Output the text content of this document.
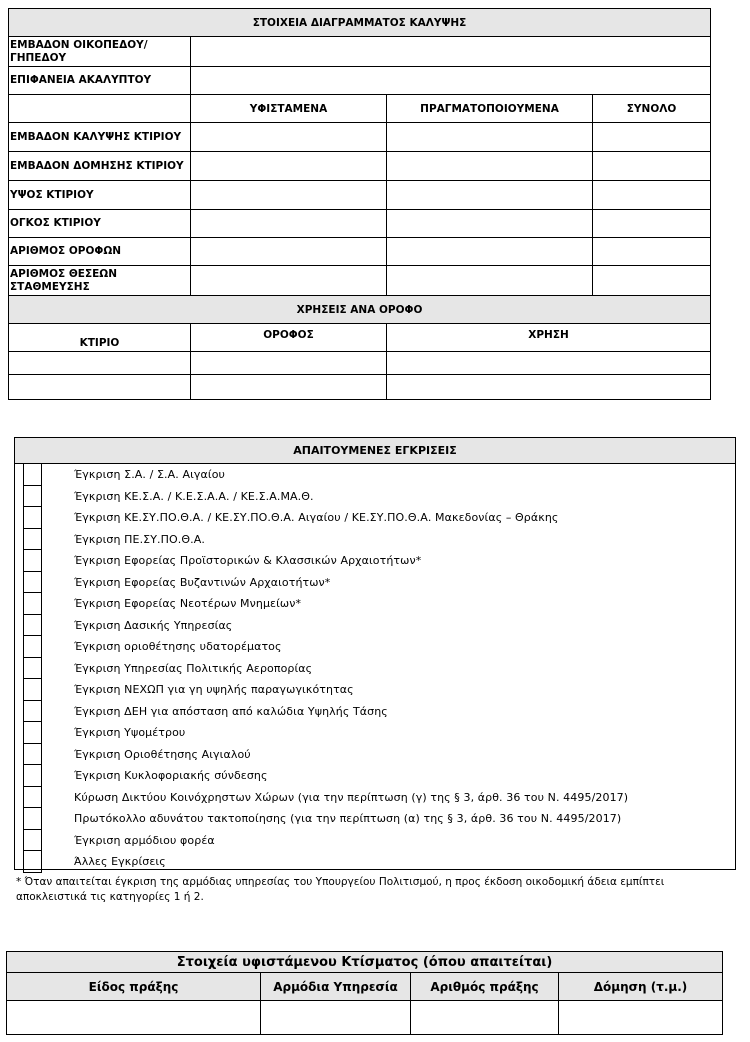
ΣΤΟΙΧΕΙΑ ΔΙΑΓΡΑΜΜΑΤΟΣ ΚΑΛΥΨΗΣ			
ΕΜΒΑΔΟΝ ΟΙΚΟΠΕΔΟΥ/ ΓΗΠΕΔΟΥ			
ΕΠΙΦΑΝΕΙΑ ΑΚΑΛΥΠΤΟΥ			
	ΥΦΙΣΤΑΜΕΝΑ	ΠΡΑΓΜΑΤΟΠΟΙΟΥΜΕΝΑ	ΣΥΝΟΛΟ
ΕΜΒΑΔΟΝ ΚΑΛΥΨΗΣ ΚΤΙΡΙΟΥ			
ΕΜΒΑΔΟΝ ΔΟΜΗΣΗΣ ΚΤΙΡΙΟΥ			
ΥΨΟΣ ΚΤΙΡΙΟΥ			
ΟΓΚΟΣ ΚΤΙΡΙΟΥ			
ΑΡΙΘΜΟΣ ΟΡΟΦΩΝ			
ΑΡΙΘΜΟΣ ΘΕΣΕΩΝ ΣΤΑΘΜΕΥΣΗΣ			
ΧΡΗΣΕΙΣ ΑΝΑ ΟΡΟΦΟ			
ΚΤΙΡΙΟ	ΟΡΟΦΟΣ	ΧΡΗΣΗ	

ΑΠΑΙΤΟΥΜΕΝΕΣ ΕΓΚΡΙΣΕΙΣ
Έγκριση Σ.Α. / Σ.Α. Αιγαίου
Έγκριση ΚΕ.Σ.Α. / Κ.Ε.Σ.Α.Α. / ΚΕ.Σ.Α.ΜΑ.Θ.
Έγκριση ΚΕ.ΣΥ.ΠΟ.Θ.Α. / ΚΕ.ΣΥ.ΠΟ.Θ.Α. Αιγαίου / ΚΕ.ΣΥ.ΠΟ.Θ.Α. Μακεδονίας – Θράκης
Έγκριση ΠΕ.ΣΥ.ΠΟ.Θ.Α.
Έγκριση Εφορείας Προϊστορικών & Κλασσικών Αρχαιοτήτων*
Έγκριση Εφορείας Βυζαντινών Αρχαιοτήτων*
Έγκριση Εφορείας Νεοτέρων Μνημείων*
Έγκριση Δασικής Υπηρεσίας
Έγκριση οριοθέτησης υδατορέματος
Έγκριση Υπηρεσίας Πολιτικής Αεροπορίας
Έγκριση ΝΕΧΩΠ για γη υψηλής παραγωγικότητας
Έγκριση ΔΕΗ για απόσταση από καλώδια Υψηλής Τάσης
Έγκριση Υψομέτρου
Έγκριση Οριοθέτησης Αιγιαλού
Έγκριση Κυκλοφοριακής σύνδεσης
Κύρωση Δικτύου Κοινόχρηστων Χώρων (για την περίπτωση (γ) της § 3, άρθ. 36 του Ν. 4495/2017)
Πρωτόκολλο αδυνάτου τακτοποίησης (για την περίπτωση (α) της § 3, άρθ. 36 του Ν. 4495/2017)
Έγκριση αρμόδιου φορέα
Άλλες Εγκρίσεις
* Όταν απαιτείται έγκριση της αρμόδιας υπηρεσίας του Υπουργείου Πολιτισμού, η προς έκδοση οικοδομική άδεια εμπίπτει αποκλειστικά τις κατηγορίες 1 ή 2.
Στοιχεία υφιστάμενου Κτίσματος (όπου απαιτείται)			
Είδος πράξης	Αρμόδια Υπηρεσία	Αριθμός πράξης	Δόμηση (τ.μ.)
